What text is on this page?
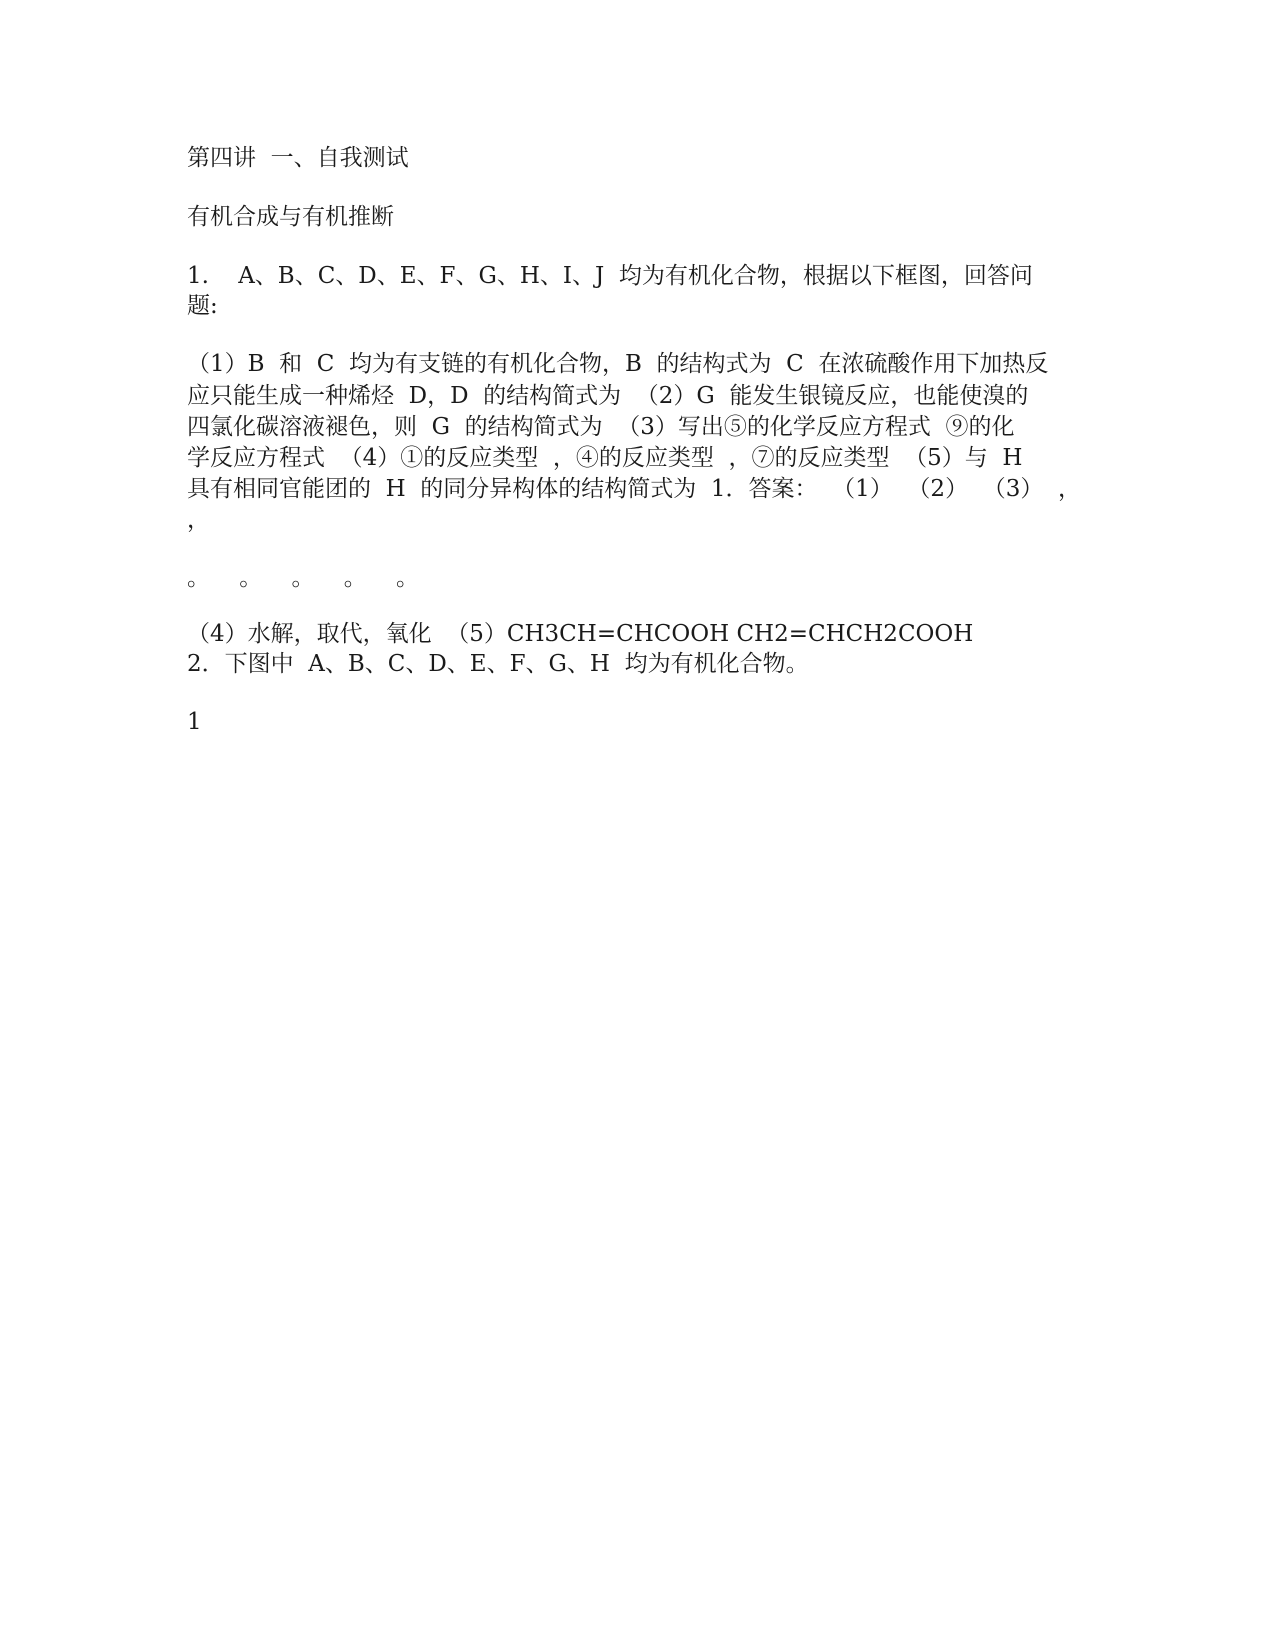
第四讲  一、自我测试
有机合成与有机推断
1.    A、B、C、D、E、F、G、H、I、J  均为有机化合物，根据以下框图，回答问
题:
（1）B  和  C  均为有支链的有机化合物，B  的结构式为  C  在浓硫酸作用下加热反
应只能生成一种烯烃  D，D  的结构简式为  （2）G  能发生银镜反应，也能使溴的
四氯化碳溶液褪色，则  G  的结构简式为  （3）写出⑤的化学反应方程式  ⑨的化
学反应方程式  （4）①的反应类型  ，④的反应类型  ，⑦的反应类型  （5）与  H
具有相同官能团的  H  的同分异构体的结构简式为  1．答案：  （1）  （2）  （3）  ，
，
。    。    。    。    。
（4）水解，取代，氧化  （5）CH3CH=CHCOOH CH2=CHCH2COOH
2．下图中  A、B、C、D、E、F、G、H  均为有机化合物。
1
